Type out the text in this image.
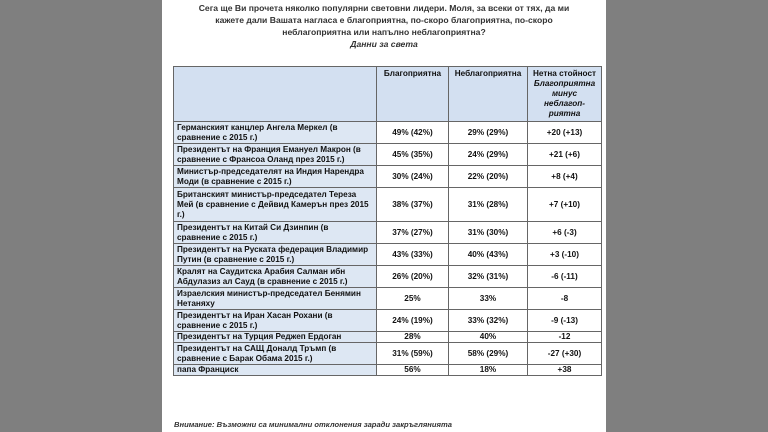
Сега ще Ви прочета няколко популярни световни лидери. Моля, за всеки от тях, да ми
кажете дали Вашата нагласа е благоприятна, по-скоро благоприятна, по-скоро
неблагоприятна или напълно неблагоприятна?
Данни за света
	Благоприятна	Неблагоприятна	Нетна стойност
Благоприятна
минус неблагоп-
риятна

Германският канцлер Ангела Меркел (в сравнение с 2015 г.)	49% (42%)	29% (29%)	+20 (+13)
Президентът на Франция Емануел Макрон (в сравнение с Франсоа Оланд през 2015 г.)	45% (35%)	24% (29%)	+21 (+6)
Министър-председателят на Индия Нарендра Моди (в сравнение с 2015 г.)	30% (24%)	22% (20%)	+8 (+4)
Британският министър-председател Тереза Мей (в сравнение с Дейвид Камерън през 2015 г.)	38% (37%)	31% (28%)	+7 (+10)
Президентът на Китай Си Дзинпин (в сравнение с 2015 г.)	37% (27%)	31% (30%)	+6 (-3)
Президентът на Руската федерация Владимир Путин (в сравнение с 2015 г.)	43% (33%)	40% (43%)	+3 (-10)
Кралят на Саудитска Арабия Салман ибн Абдулазиз ал Сауд (в сравнение с 2015 г.)	26% (20%)	32% (31%)	-6 (-11)
Израелския министър-председател Бенямин Нетаняху	25%	33%	-8
Президентът на Иран Хасан Рохани (в сравнение с 2015 г.)	24% (19%)	33% (32%)	-9 (-13)
Президентът на Турция Реджеп Ердоган	28%	40%	-12
Президентът на САЩ Доналд Тръмп (в сравнение с Барак Обама 2015 г.)	31% (59%)	58% (29%)	-27 (+30)
папа Франциск	56%	18%	+38
Внимание: Възможни са минимални отклонения заради закръглянията
